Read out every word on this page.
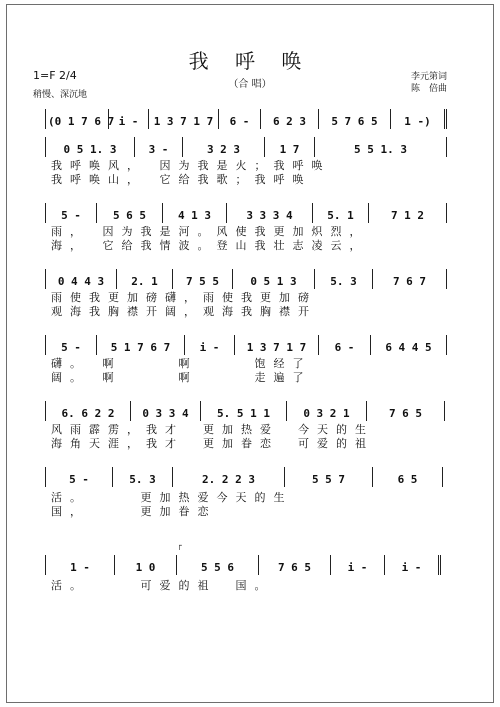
我 呼 唤
（合 唱）
1=F 2/4
稍慢、深沉地
李元第词
陈　倍曲
(0 1 7 6 7 i -	1 3 7 1 7	6 -	6 2 3	5 7 6 5	1 -)
0 5 1. 3	3 -	3 2 3	1 7	5 5 1. 3
我呼唤风，　因为我是火；我呼唤
我呼唤山，　它给我歌；我呼唤
5 -	5 6 5	4 1 3	3 3 3 4	5. 1	7 1 2
雨，　因为我是河。风使我更加炽烈，
海，　它给我情波。登山我壮志凌云，
0 4 4 3	2. 1	7 5 5	0 5 1 3	5. 3	7 6 7
雨使我更加磅礴，雨使我更加磅
观海我胸襟开阔，观海我胸襟开
5 -	5 1 7 6 7	i -	1 3 7 1 7	6 -	6 4 4 5
礴。　啊　　　啊　　　饱经了
阔。　啊　　　啊　　　走遍了
6. 6 2 2	0 3 3 4	5. 5 1 1	0 3 2 1	7 6 5
风雨霹雳，我才　更加热爱　今天的生
海角天涯，我才　更加眷恋　可爱的祖
5 -	5. 3	2. 2 2 3	5 5 7	6 5
活。　　　更加热爱今天的生
国，　　　更加眷恋
┌
1 -	1 0	5 5 6	7 6 5	i -	i -
活。　　　可爱的祖　国。
